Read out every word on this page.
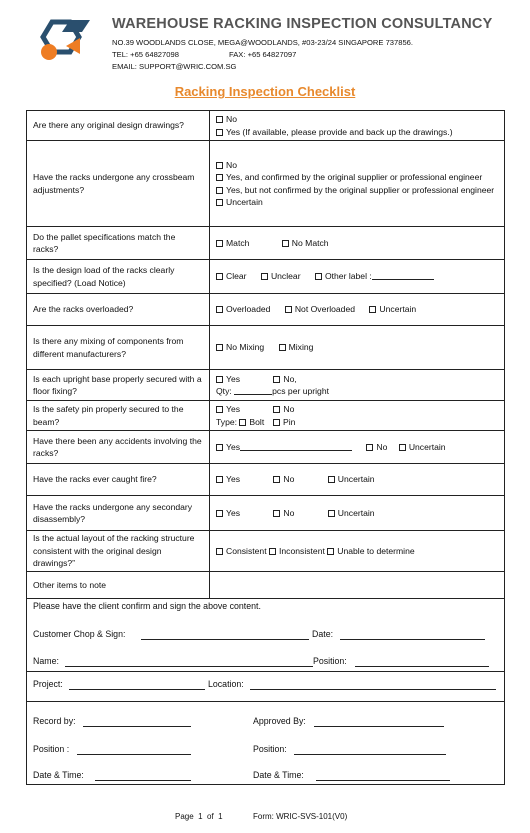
WAREHOUSE RACKING INSPECTION CONSULTANCY
NO.39 WOODLANDS CLOSE, MEGA@WOODLANDS, #03-23/24 SINGAPORE 737856.
TEL: +65 64827098	FAX: +65 64827097
EMAIL: SUPPORT@WRIC.COM.SG
Racking Inspection Checklist
Are there any original design drawings?	No
Yes (If available, please provide and back up the drawings.)

Have the racks undergone any crossbeam adjustments?	No
Yes, and confirmed by the original supplier or professional engineer
Yes, but not confirmed by the original supplier or professional engineer
Uncertain

Do the pallet specifications match the racks?	Match No Match
Is the design load of the racks clearly specified? (Load Notice)	Clear Unclear Other label :
Are the racks overloaded?	Overloaded Not Overloaded Uncertain
Is there any mixing of components from different manufacturers?	No Mixing Mixing
Is each upright base properly secured with a floor fixing?	Yes No,
Qty: pcs per upright

Is the safety pin properly secured to the beam?	Yes No
Type: Bolt Pin

Have there been any accidents involving the racks?	Yes No Uncertain
Have the racks ever caught fire?	Yes No Uncertain
Have the racks undergone any secondary disassembly?	Yes No Uncertain
Is the actual layout of the racking structure consistent with the original design drawings?”	Consistent Inconsistent Unable to determine
Other items to note	
Please have the client confirm and sign the above content.
Customer Chop & Sign:	Date:
Name:	Position:
Project:	Location:
Record by:	Approved By:
Position :	Position:
Date & Time:	Date & Time:
Page 1 of 1	Form: WRIC-SVS-101(V0)
